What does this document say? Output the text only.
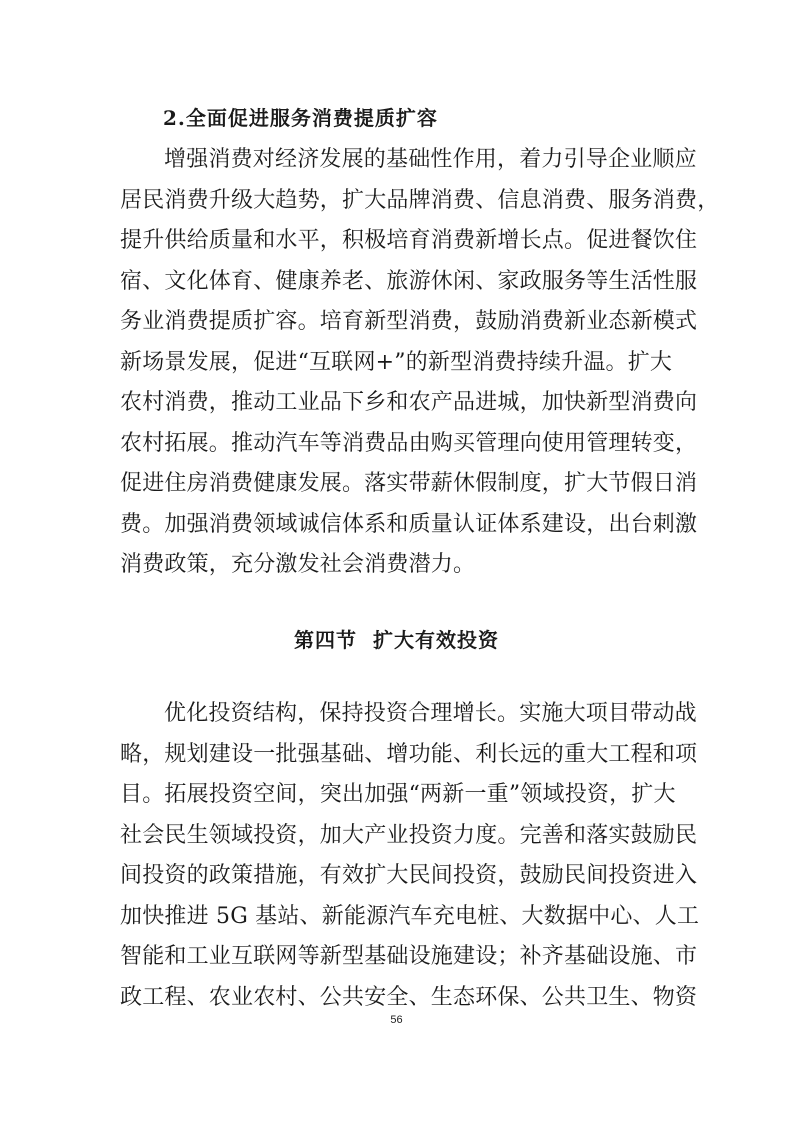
2.全面促进服务消费提质扩容
增强消费对经济发展的基础性作用，着力引导企业顺应
居民消费升级大趋势，扩大品牌消费、信息消费、服务消费，
提升供给质量和水平，积极培育消费新增长点。促进餐饮住
宿、文化体育、健康养老、旅游休闲、家政服务等生活性服
务业消费提质扩容。培育新型消费，鼓励消费新业态新模式
新场景发展，促进“互联网+”的新型消费持续升温。扩大
农村消费，推动工业品下乡和农产品进城，加快新型消费向
农村拓展。推动汽车等消费品由购买管理向使用管理转变，
促进住房消费健康发展。落实带薪休假制度，扩大节假日消
费。加强消费领域诚信体系和质量认证体系建设，出台刺激
消费政策，充分激发社会消费潜力。
第四节  扩大有效投资
优化投资结构，保持投资合理增长。实施大项目带动战
略，规划建设一批强基础、增功能、利长远的重大工程和项
目。拓展投资空间，突出加强“两新一重”领域投资，扩大
社会民生领域投资，加大产业投资力度。完善和落实鼓励民
间投资的政策措施，有效扩大民间投资，鼓励民间投资进入
加快推进 5G 基站、新能源汽车充电桩、大数据中心、人工
智能和工业互联网等新型基础设施建设；补齐基础设施、市
政工程、农业农村、公共安全、生态环保、公共卫生、物资
56
